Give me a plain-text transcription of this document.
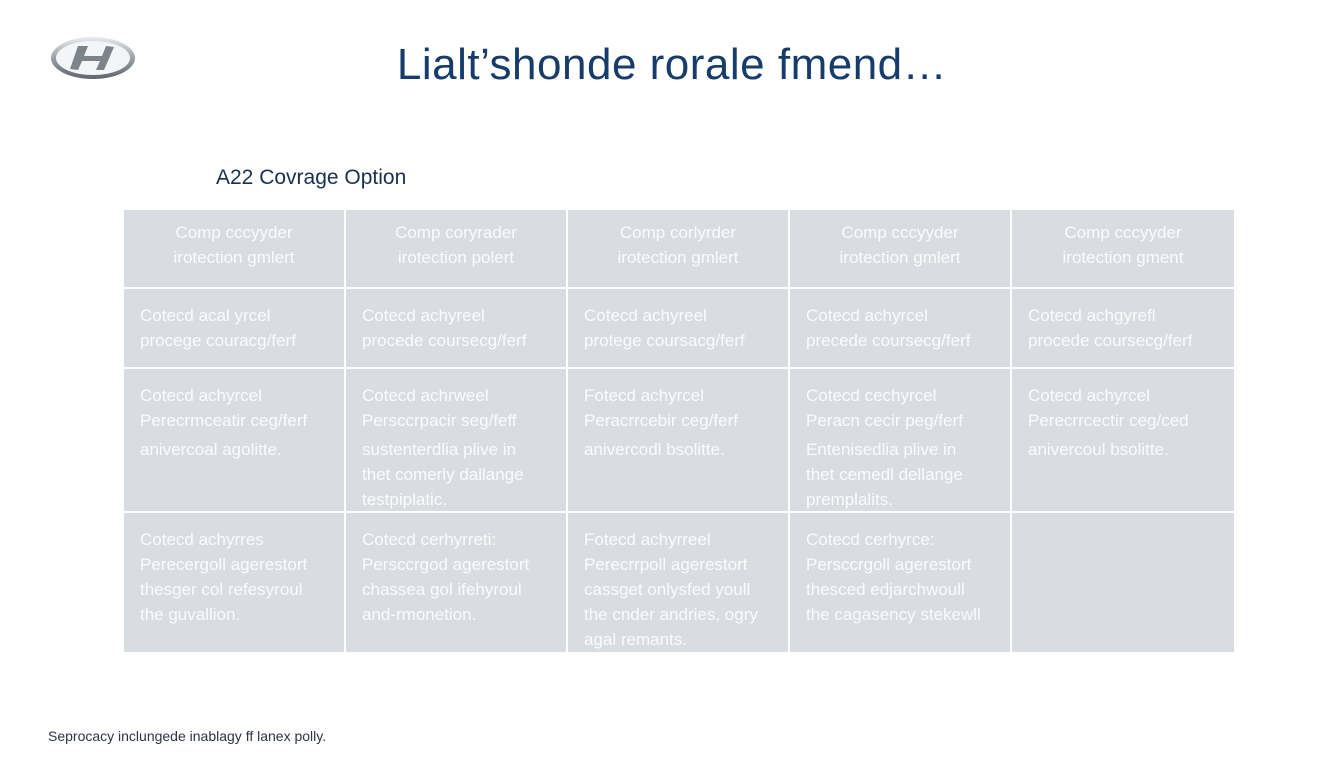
Lialt’shonde rorale fmend…
A22 Covrage Option
Comp cccyyder
irotection gmlert
Comp coryrader
irotection polert
Comp corlyrder
irotection gmlert
Comp cccyyder
irotection gmlert
Comp cccyyder
irotection gment
Cotecd acal yrcel
procege couracg/ferf
Cotecd achyreel
procede coursecg/ferf
Cotecd achyreel
protege coursacg/ferf
Cotecd achyrcel
precede coursecg/ferf
Cotecd achgyrefl
procede coursecg/ferf
Cotecd achyrcel
Perecrmceatir ceg/ferf
anivercoal agolitte.
Cotecd achrweel
Persccrpacir seg/feff
sustenterdlia plive in
thet comerly dallange
testpiplatic.
Fotecd achyrcel
Peracrrcebir ceg/ferf
anivercodl bsolitte.
Cotecd cechyrcel
Peracn cecir peg/ferf
Entenisedlia plive in
thet cemedl dellange
premplalits.
Cotecd achyrcel
Perecrrcectir ceg/ced
anivercoul bsolitte.
Cotecd achyrres
Perecergoll agerestort
thesger col refesyroul
the guvallion.
Cotecd cerhyrreti:
Persccrgod agerestort
chassea gol ifehyroul
and-rmonetion.
Fotecd achyrreel
Perecrrpoll agerestort
cassget onlysfed youll
the cnder andries, ogry
agal remants.
Cotecd cerhyrce:
Persccrgoll agerestort
thesced edjarchwoull
the cagasency stekewll
Seprocacy inclungede inablagy ff lanex polly.
